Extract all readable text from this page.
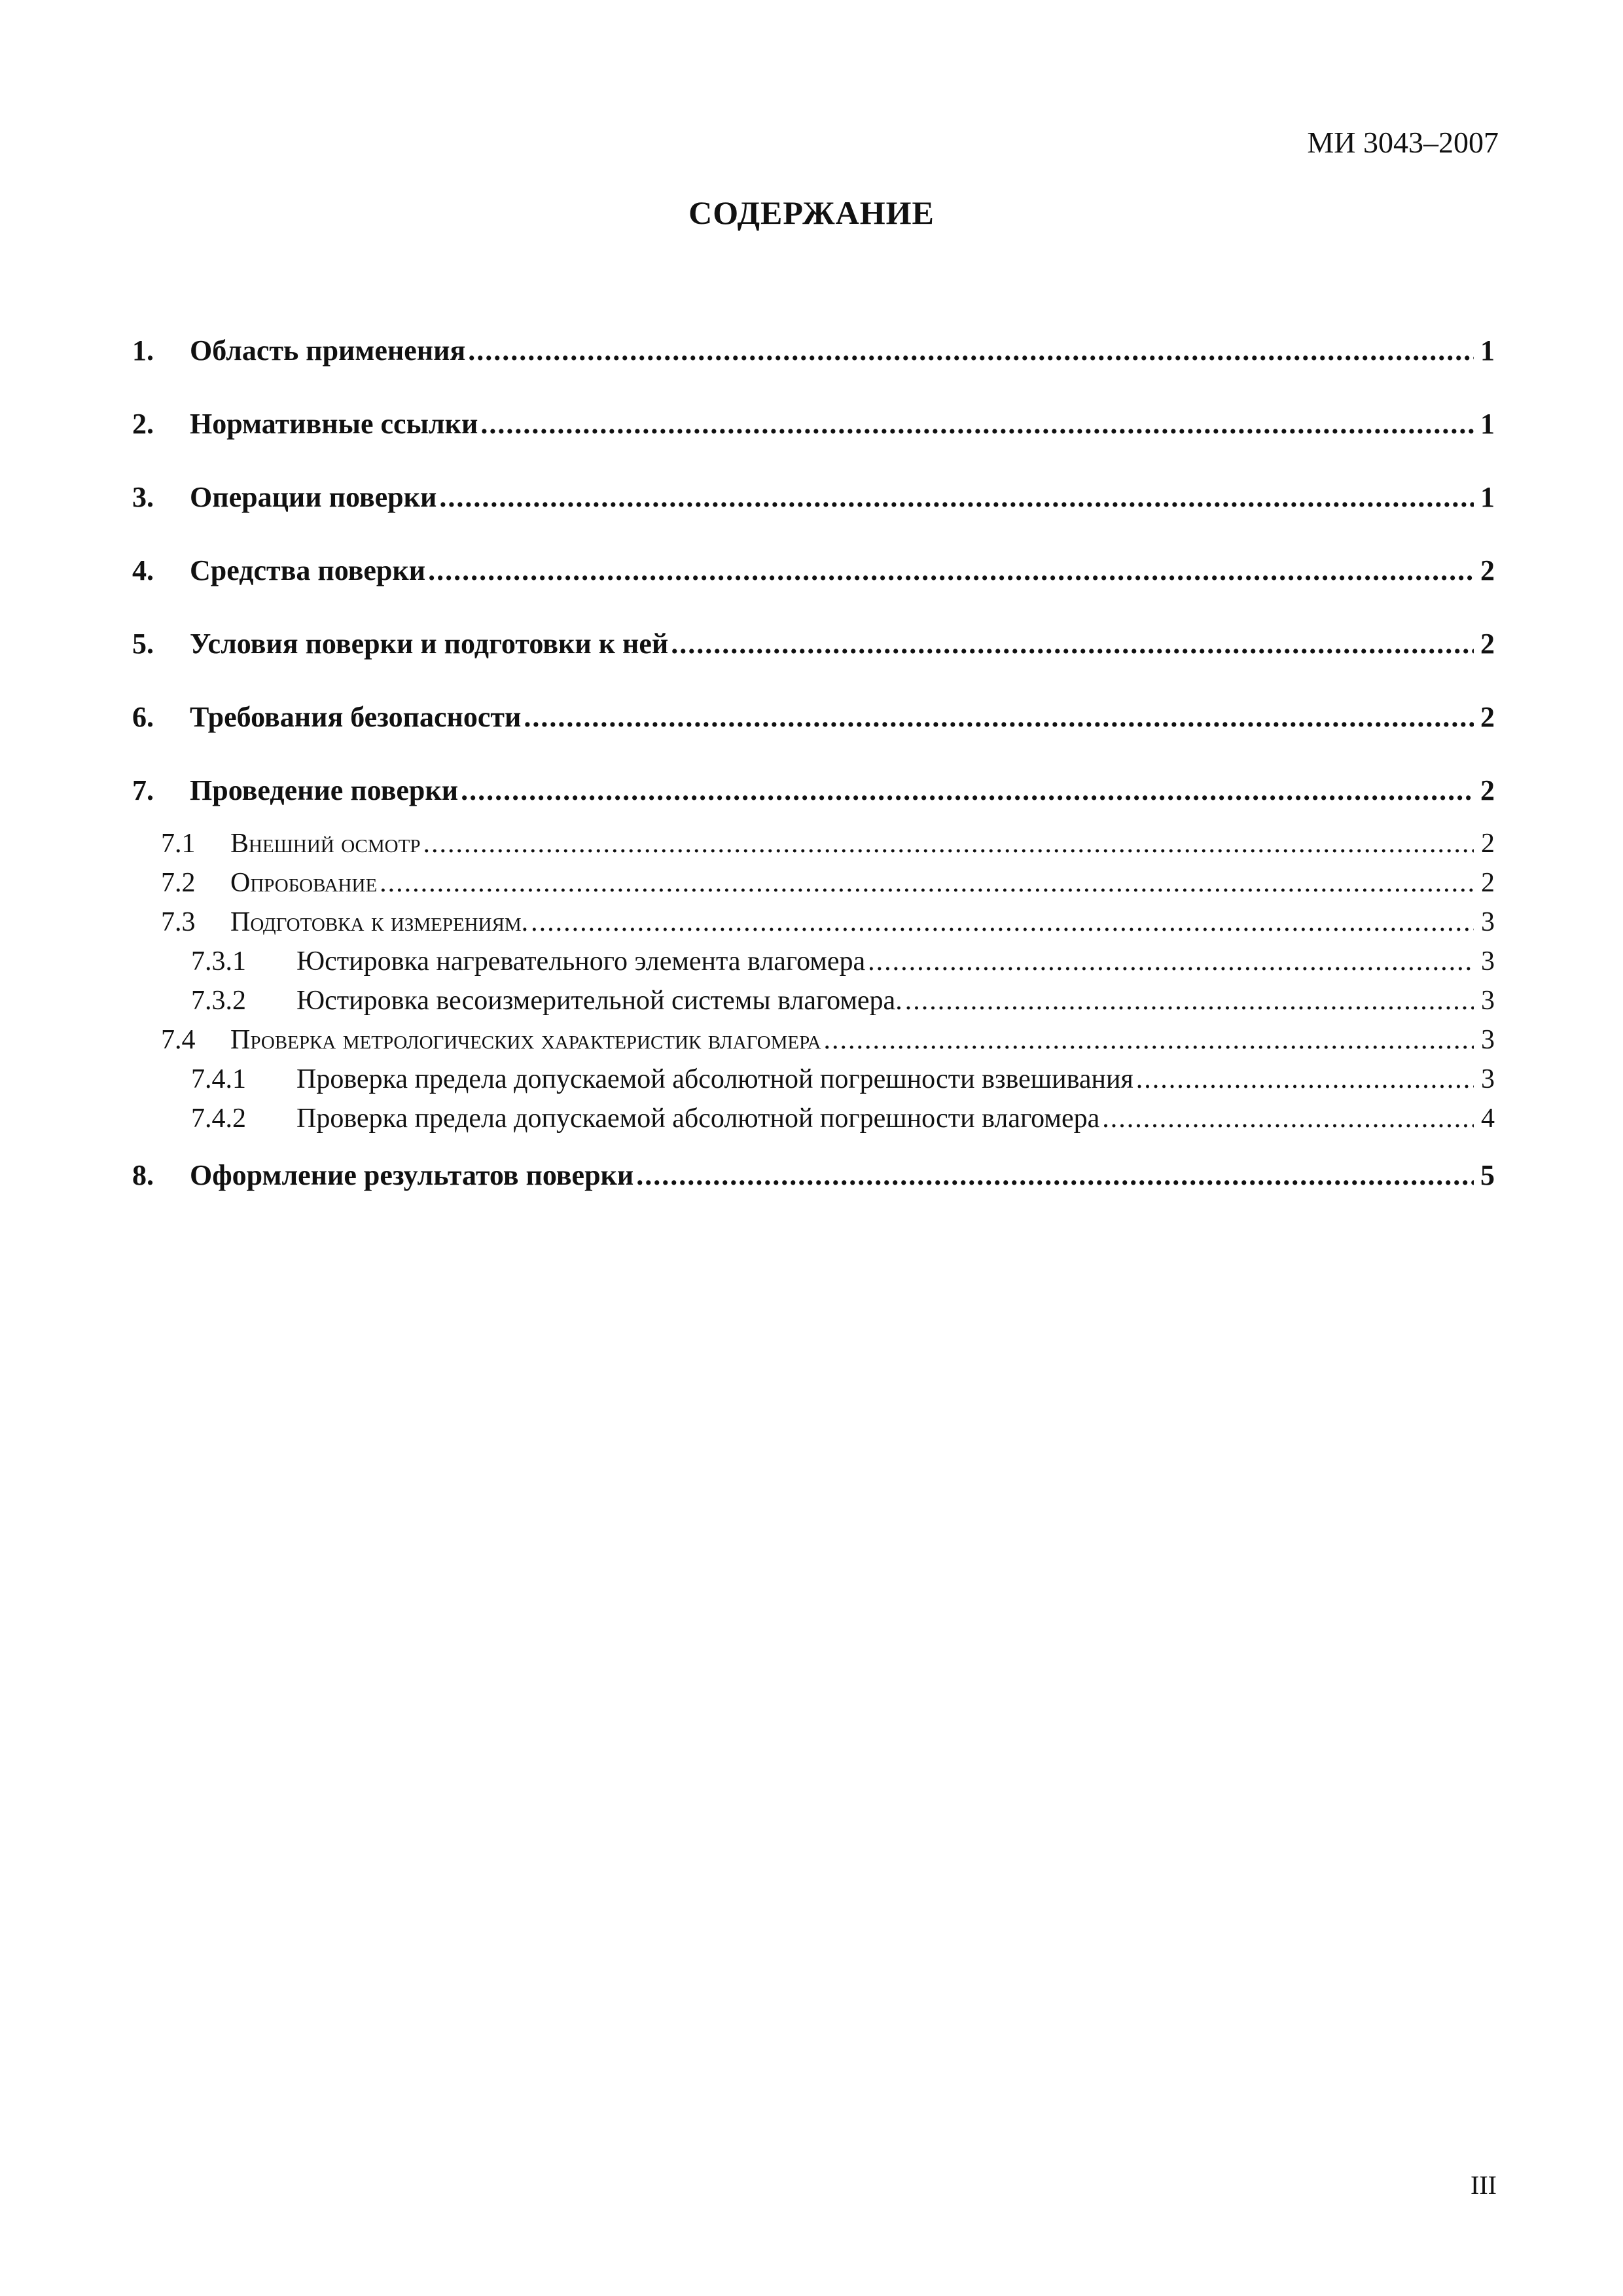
МИ 3043–2007
СОДЕРЖАНИЕ
1.	Область применения .....	1
2.	Нормативные ссылки .....	1
3.	Операции поверки .....	1
4.	Средства поверки .....	2
5.	Условия поверки и подготовки к ней .....	2
6.	Требования безопасности .....	2
7.	Проведение поверки .....	2
7.1	Внешний осмотр .....	2
7.2	Опробование .....	2
7.3	Подготовка к измерениям. .....	3
7.3.1	Юстировка нагревательного элемента влагомера .....	3
7.3.2	Юстировка весоизмерительной системы влагомера. .....	3
7.4	Проверка метрологических характеристик влагомера .....	3
7.4.1	Проверка предела допускаемой абсолютной погрешности взвешивания .....	3
7.4.2	Проверка предела допускаемой абсолютной погрешности влагомера .....	4
8.	Оформление результатов поверки .....	5
III
